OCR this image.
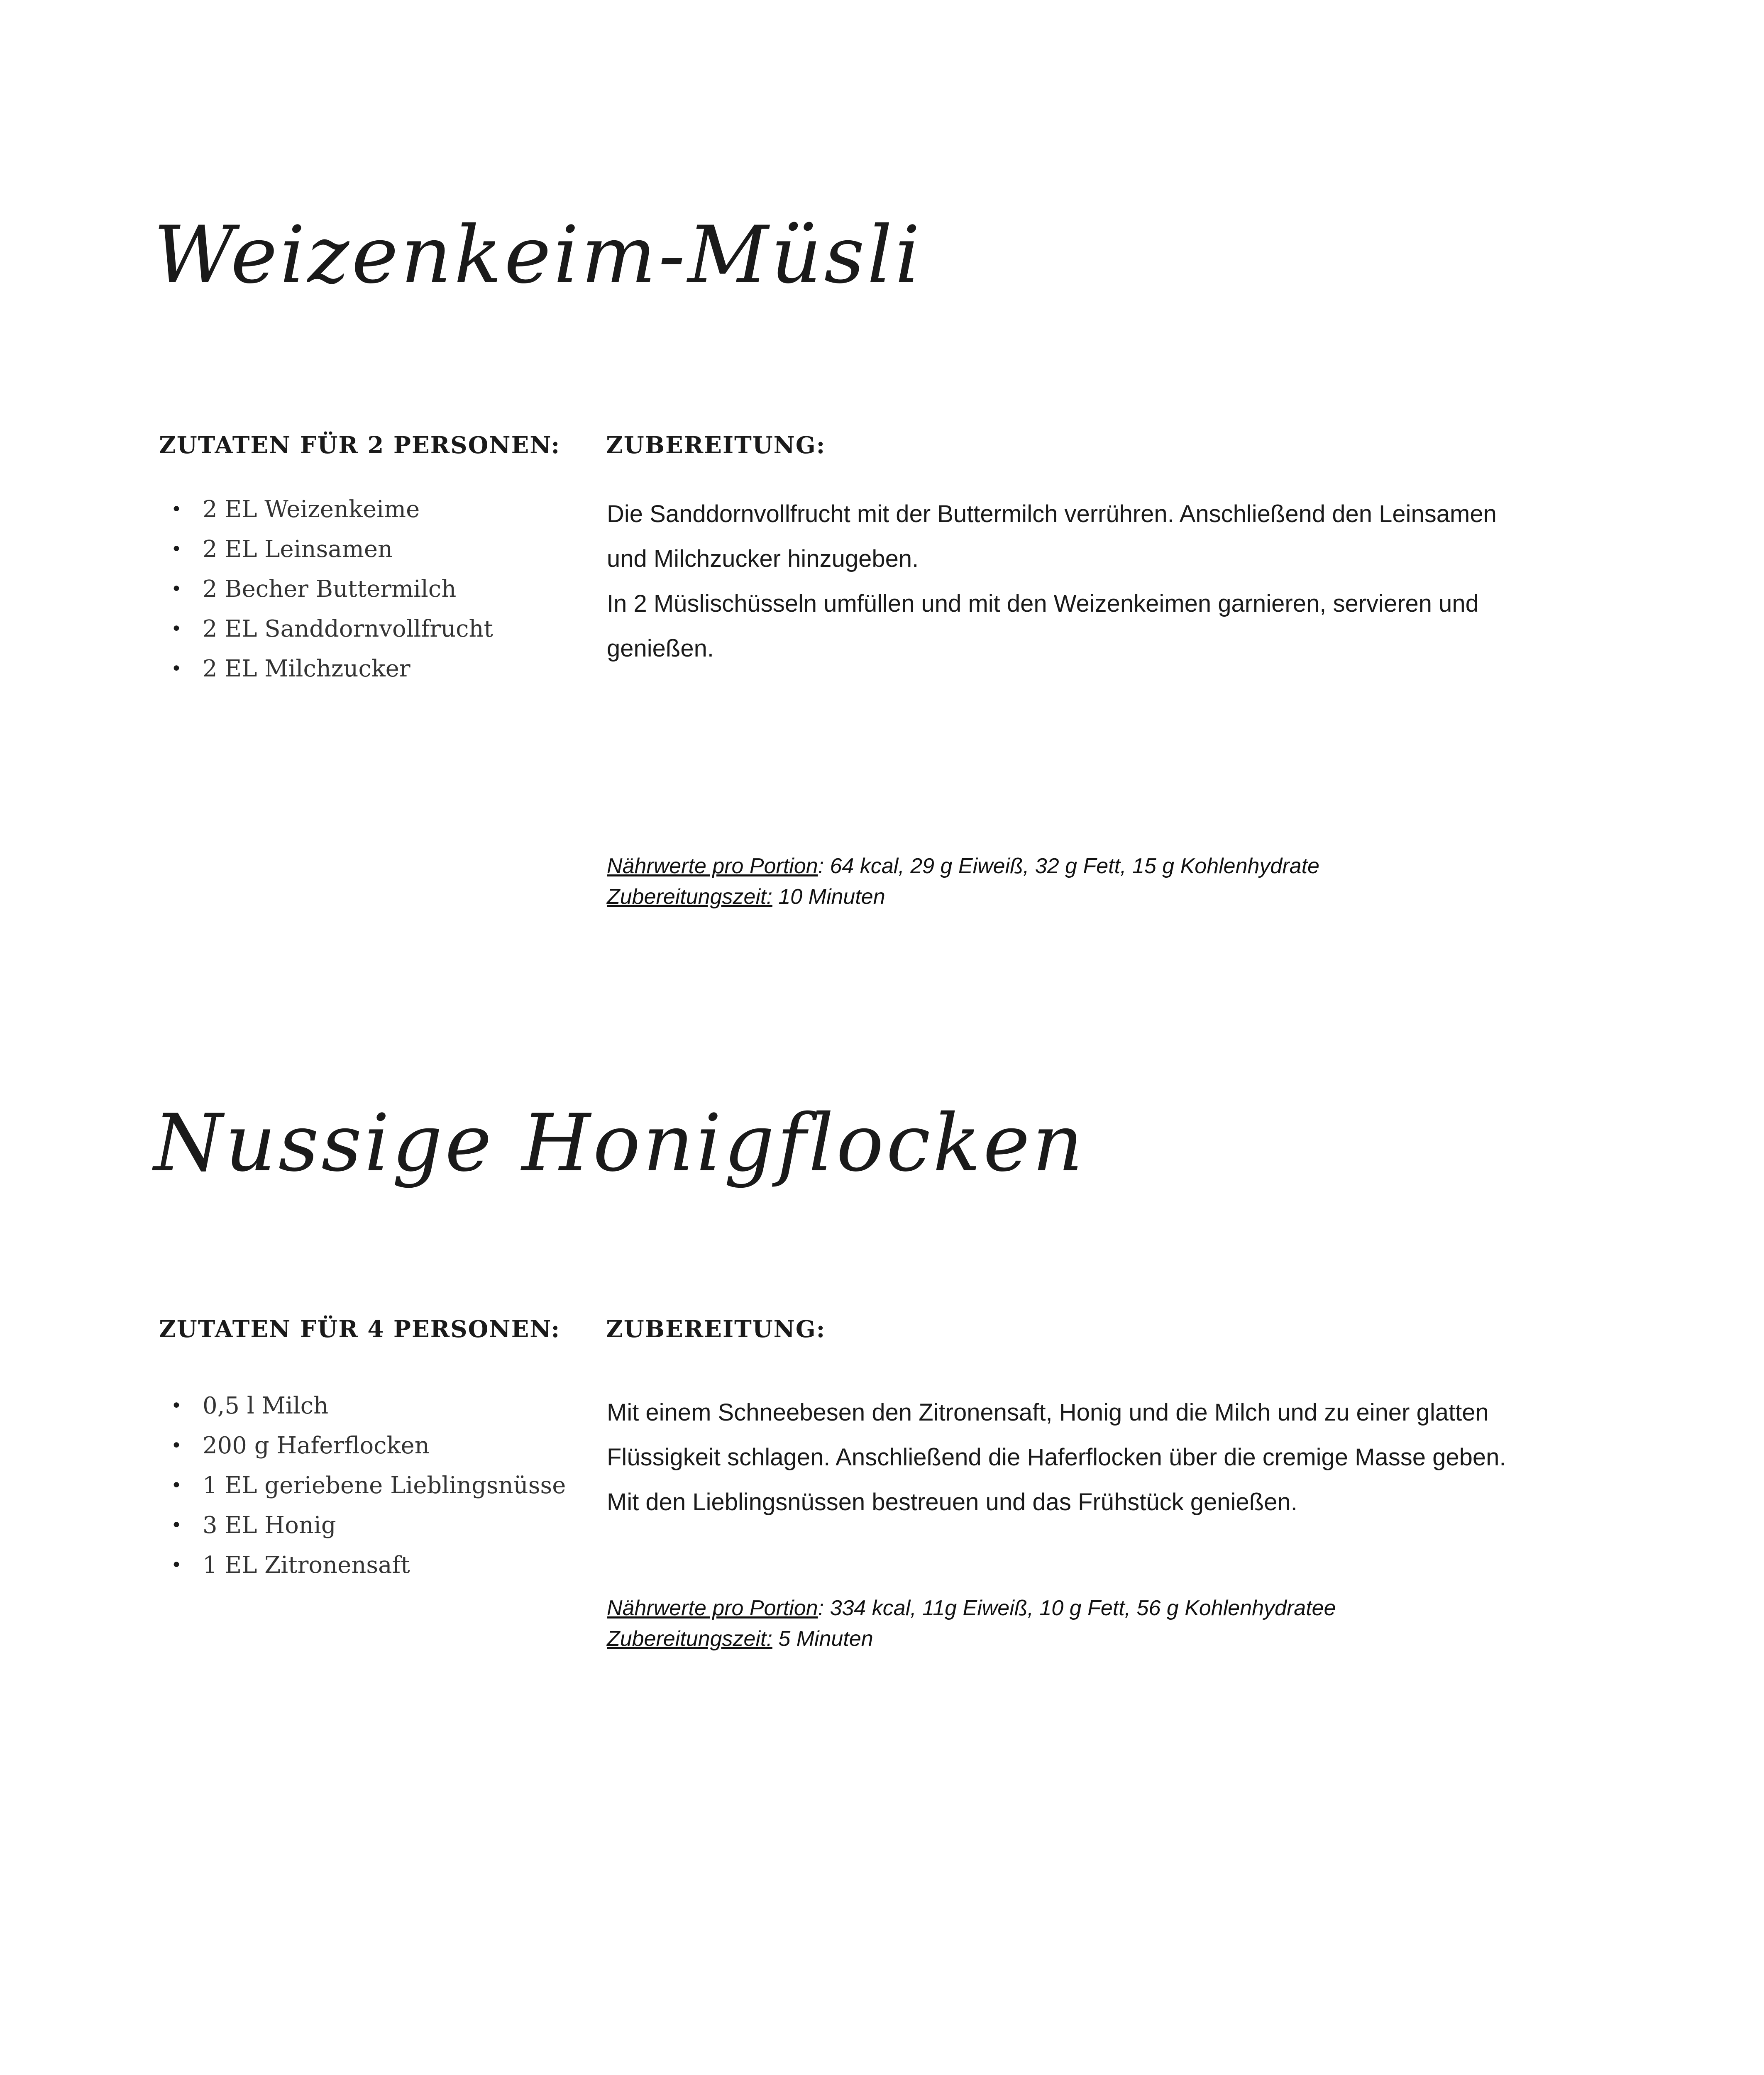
Weizenkeim-Müsli
ZUTATEN FÜR 2 PERSONEN: ZUBEREITUNG:
• 2 EL Weizenkeime
• 2 EL Leinsamen
• 2 Becher Buttermilch
• 2 EL Sanddornvollfrucht
• 2 EL Milchzucker

Die Sanddornvollfrucht mit der Buttermilch verrühren. Anschließend den Leinsamen
und Milchzucker hinzugeben.
In 2 Müslischüsseln umfüllen und mit den Weizenkeimen garnieren, servieren und
genießen.

Nährwerte pro Portion: 64 kcal, 29 g Eiweiß, 32 g Fett, 15 g Kohlenhydrate
Zubereitungszeit: 10 Minuten

Nussige Honigflocken
ZUTATEN FÜR 4 PERSONEN: ZUBEREITUNG:
• 0,5 l Milch
• 200 g Haferflocken
• 1 EL geriebene Lieblingsnüsse
• 3 EL Honig
• 1 EL Zitronensaft

Mit einem Schneebesen den Zitronensaft, Honig und die Milch und zu einer glatten
Flüssigkeit schlagen. Anschließend die Haferflocken über die cremige Masse geben.
Mit den Lieblingsnüssen bestreuen und das Frühstück genießen.

Nährwerte pro Portion: 334 kcal, 11g Eiweiß, 10 g Fett, 56 g Kohlenhydratee
Zubereitungszeit: 5 Minuten
